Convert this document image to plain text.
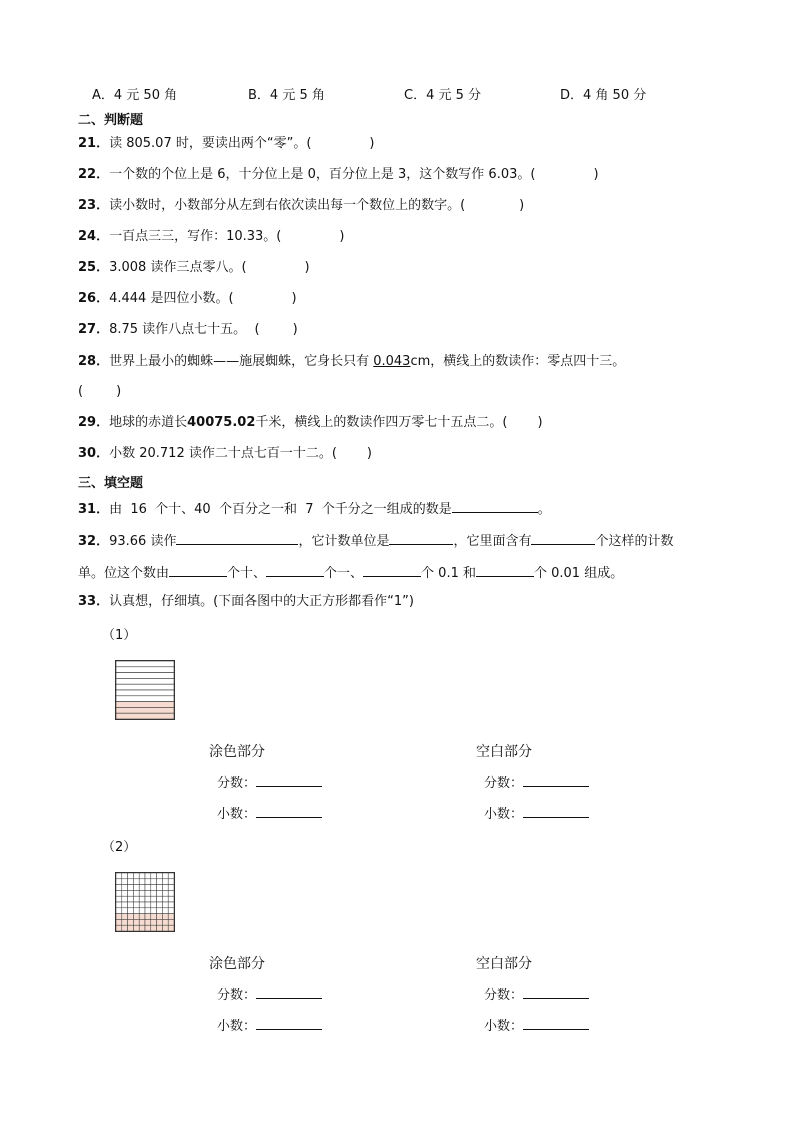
A．4 元 50 角	B．4 元 5 角	C．4 元 5 分	D．4 角 50 分
二、判断题
21．读 805.07 时，要读出两个“零”。(	)
22．一个数的个位上是 6，十分位上是 0，百分位上是 3，这个数写作 6.03。(	)
23．读小数时，小数部分从左到右依次读出每一个数位上的数字。(	)
24．一百点三三，写作：10.33。(	)
25．3.008 读作三点零八。(	)
26．4.444 是四位小数。(	)
27．8.75 读作八点七十五。 (        )
28．世界上最小的蜘蛛——施展蜘蛛，它身长只有 0.043cm，横线上的数读作：零点四十三。
(        )
29．地球的赤道长40075.02千米，横线上的数读作四万零七十五点二。( )
30．小数 20.712 读作二十点七百一十二。( )
三、填空题
31．由  16  个十、40  个百分之一和  7  个千分之一组成的数是	。
32．93.66 读作	，它计数单位是	，它里面含有	个这样的计数
单。位这个数由	个十、	个一、	个 0.1 和	个 0.01 组成。
33．认真想，仔细填。(下面各图中的大正方形都看作“1”)
（1）
涂色部分
分数：
小数：
空白部分
分数：
小数：
（2）
涂色部分
分数：
小数：
空白部分
分数：
小数：
